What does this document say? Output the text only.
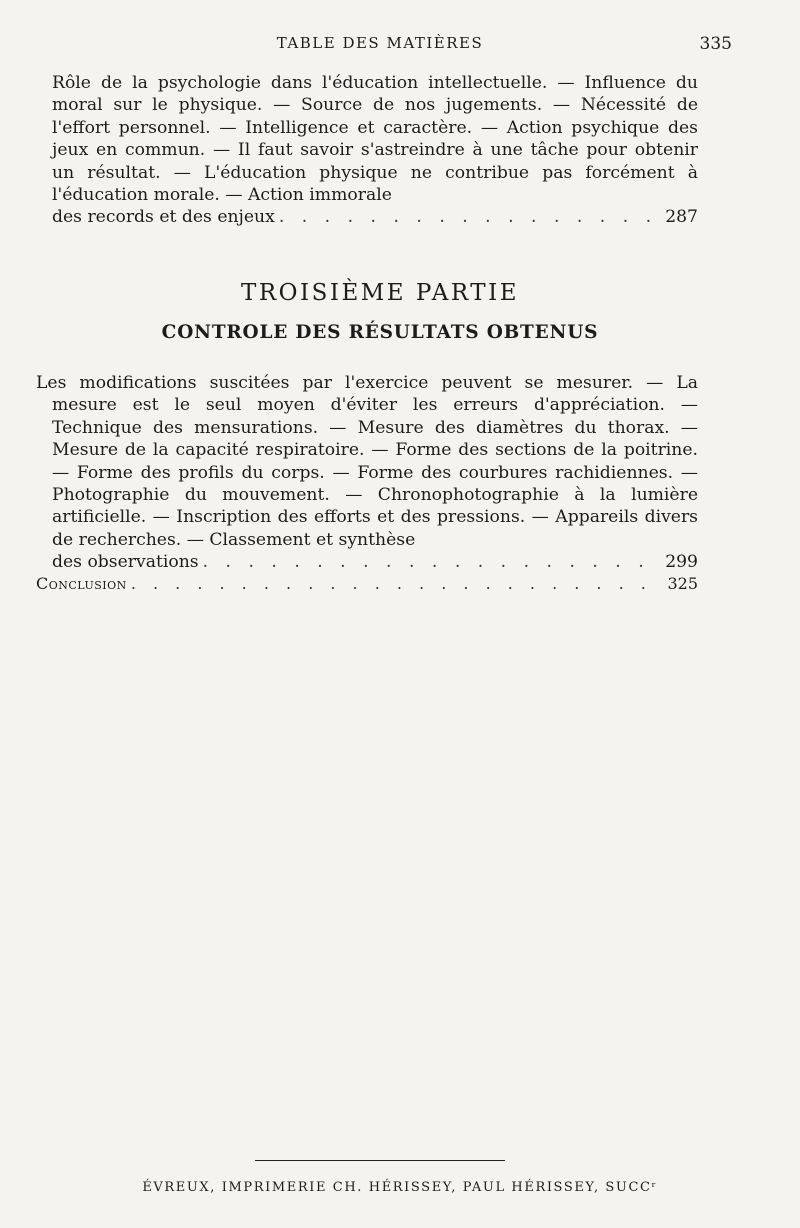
TABLE DES MATIÈRES	335
Rôle de la psychologie dans l'éducation intellectuelle. — Influence du moral sur le physique. — Source de nos jugements. — Nécessité de l'effort personnel. — Intelligence et caractère. — Action psychique des jeux en commun. — Il faut savoir s'astreindre à une tâche pour obtenir un résultat. — L'éducation physique ne contribue pas forcément à l'éducation morale. — Action immorale
des records et des enjeux . . .	287
TROISIÈME PARTIE
CONTROLE DES RÉSULTATS OBTENUS
Les modifications suscitées par l'exercice peuvent se mesurer. — La mesure est le seul moyen d'éviter les erreurs d'appréciation. — Technique des mensurations. — Mesure des diamètres du thorax. — Mesure de la capacité respiratoire. — Forme des sections de la poitrine. — Forme des profils du corps. — Forme des courbures rachidiennes. — Photographie du mouvement. — Chronophotographie à la lumière artificielle. — Inscription des efforts et des pressions. — Appareils divers de recherches. — Classement et synthèse
des observations . . .	299
Conclusion . . .	325
ÉVREUX, IMPRIMERIE CH. HÉRISSEY, PAUL HÉRISSEY, SUCCʳ
